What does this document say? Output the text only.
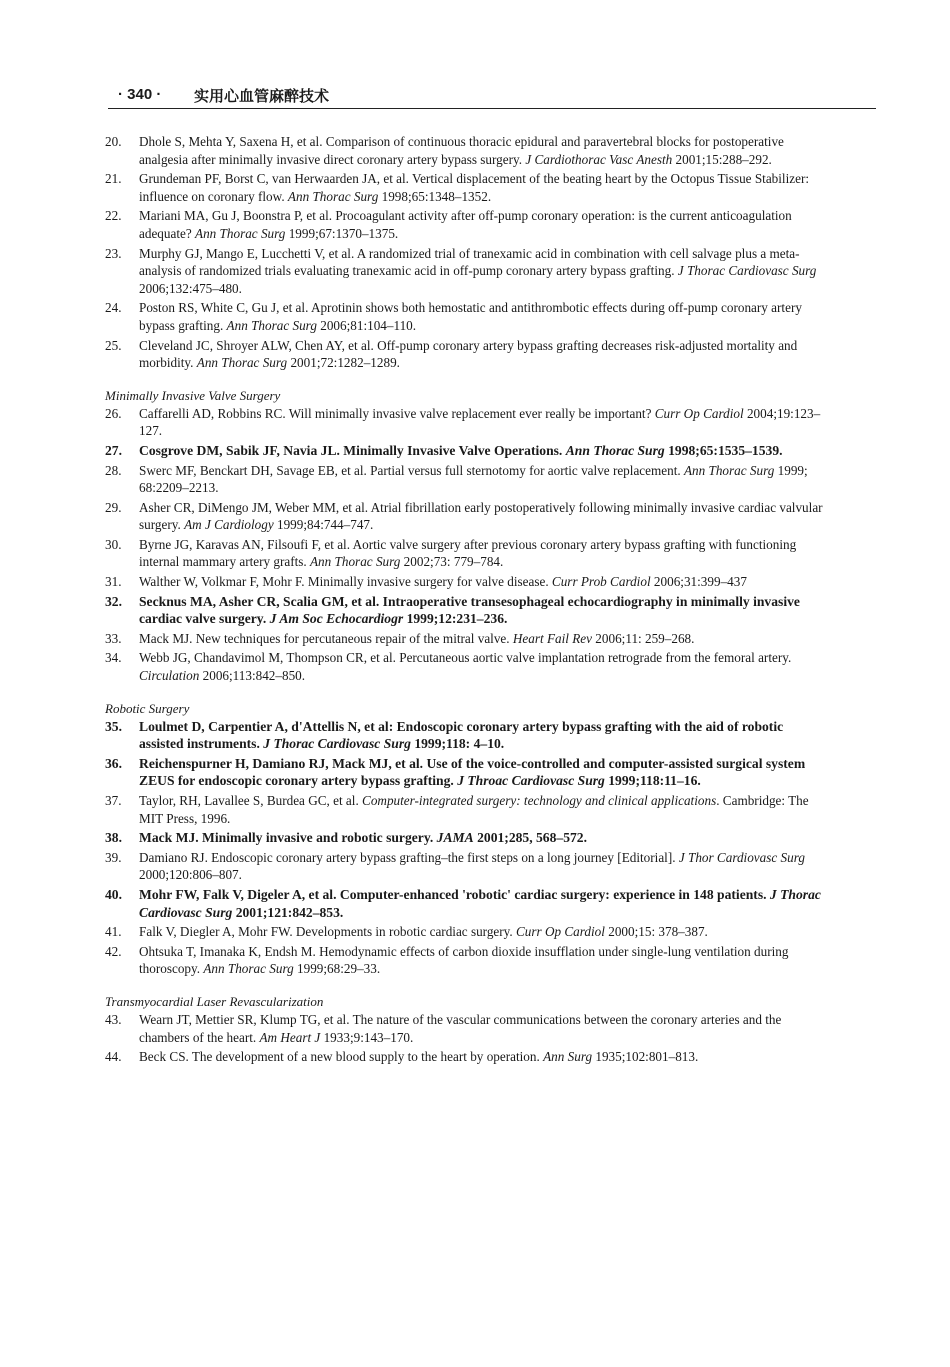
· 340 · 实用心血管麻醉技术
20. Dhole S, Mehta Y, Saxena H, et al. Comparison of continuous thoracic epidural and paravertebral blocks for postoperative analgesia after minimally invasive direct coronary artery bypass surgery. J Cardiothorac Vasc Anesth 2001;15:288–292.
21. Grundeman PF, Borst C, van Herwaarden JA, et al. Vertical displacement of the beating heart by the Octopus Tissue Stabilizer: influence on coronary flow. Ann Thorac Surg 1998;65:1348–1352.
22. Mariani MA, Gu J, Boonstra P, et al. Procoagulant activity after off-pump coronary operation: is the current anticoagulation adequate? Ann Thorac Surg 1999;67:1370–1375.
23. Murphy GJ, Mango E, Lucchetti V, et al. A randomized trial of tranexamic acid in combination with cell salvage plus a meta-analysis of randomized trials evaluating tranexamic acid in off-pump coronary artery bypass grafting. J Thorac Cardiovasc Surg 2006;132:475–480.
24. Poston RS, White C, Gu J, et al. Aprotinin shows both hemostatic and antithrombotic effects during off-pump coronary artery bypass grafting. Ann Thorac Surg 2006;81:104–110.
25. Cleveland JC, Shroyer ALW, Chen AY, et al. Off-pump coronary artery bypass grafting decreases risk-adjusted mortality and morbidity. Ann Thorac Surg 2001;72:1282–1289.
Minimally Invasive Valve Surgery
26. Caffarelli AD, Robbins RC. Will minimally invasive valve replacement ever really be important? Curr Op Cardiol 2004;19:123–127.
27. Cosgrove DM, Sabik JF, Navia JL. Minimally Invasive Valve Operations. Ann Thorac Surg 1998;65:1535–1539.
28. Swerc MF, Benckart DH, Savage EB, et al. Partial versus full sternotomy for aortic valve replacement. Ann Thorac Surg 1999; 68:2209–2213.
29. Asher CR, DiMengo JM, Weber MM, et al. Atrial fibrillation early postoperatively following minimally invasive cardiac valvular surgery. Am J Cardiology 1999;84:744–747.
30. Byrne JG, Karavas AN, Filsoufi F, et al. Aortic valve surgery after previous coronary artery bypass grafting with functioning internal mammary artery grafts. Ann Thorac Surg 2002;73: 779–784.
31. Walther W, Volkmar F, Mohr F. Minimally invasive surgery for valve disease. Curr Prob Cardiol 2006;31:399–437
32. Secknus MA, Asher CR, Scalia GM, et al. Intraoperative transesophageal echocardiography in minimally invasive cardiac valve surgery. J Am Soc Echocardiogr 1999;12:231–236.
33. Mack MJ. New techniques for percutaneous repair of the mitral valve. Heart Fail Rev 2006;11: 259–268.
34. Webb JG, Chandavimol M, Thompson CR, et al. Percutaneous aortic valve implantation retrograde from the femoral artery. Circulation 2006;113:842–850.
Robotic Surgery
35. Loulmet D, Carpentier A, d'Attellis N, et al: Endoscopic coronary artery bypass grafting with the aid of robotic assisted instruments. J Thorac Cardiovasc Surg 1999;118: 4–10.
36. Reichenspurner H, Damiano RJ, Mack MJ, et al. Use of the voice-controlled and computer-assisted surgical system ZEUS for endoscopic coronary artery bypass grafting. J Throac Cardiovasc Surg 1999;118:11–16.
37. Taylor, RH, Lavallee S, Burdea GC, et al. Computer-integrated surgery: technology and clinical applications. Cambridge: The MIT Press, 1996.
38. Mack MJ. Minimally invasive and robotic surgery. JAMA 2001;285, 568–572.
39. Damiano RJ. Endoscopic coronary artery bypass grafting–the first steps on a long journey [Editorial]. J Thor Cardiovasc Surg 2000;120:806–807.
40. Mohr FW, Falk V, Digeler A, et al. Computer-enhanced 'robotic' cardiac surgery: experience in 148 patients. J Thorac Cardiovasc Surg 2001;121:842–853.
41. Falk V, Diegler A, Mohr FW. Developments in robotic cardiac surgery. Curr Op Cardiol 2000;15: 378–387.
42. Ohtsuka T, Imanaka K, Endsh M. Hemodynamic effects of carbon dioxide insufflation under single-lung ventilation during thoroscopy. Ann Thorac Surg 1999;68:29–33.
Transmyocardial Laser Revascularization
43. Wearn JT, Mettier SR, Klump TG, et al. The nature of the vascular communications between the coronary arteries and the chambers of the heart. Am Heart J 1933;9:143–170.
44. Beck CS. The development of a new blood supply to the heart by operation. Ann Surg 1935;102:801–813.
